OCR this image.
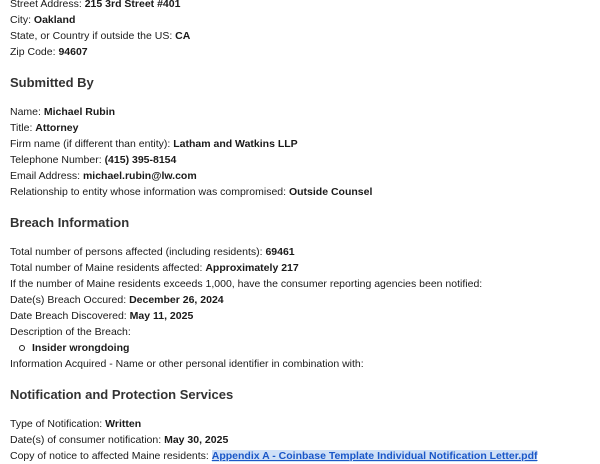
Street Address: 215 3rd Street #401
City: Oakland
State, or Country if outside the US: CA
Zip Code: 94607
Submitted By
Name: Michael Rubin
Title: Attorney
Firm name (if different than entity): Latham and Watkins LLP
Telephone Number: (415) 395-8154
Email Address: michael.rubin@lw.com
Relationship to entity whose information was compromised: Outside Counsel
Breach Information
Total number of persons affected (including residents): 69461
Total number of Maine residents affected: Approximately 217
If the number of Maine residents exceeds 1,000, have the consumer reporting agencies been notified:
Date(s) Breach Occured: December 26, 2024
Date Breach Discovered: May 11, 2025
Description of the Breach:
Insider wrongdoing
Information Acquired - Name or other personal identifier in combination with:
Notification and Protection Services
Type of Notification: Written
Date(s) of consumer notification: May 30, 2025
Copy of notice to affected Maine residents: Appendix A - Coinbase Template Individual Notification Letter.pdf
